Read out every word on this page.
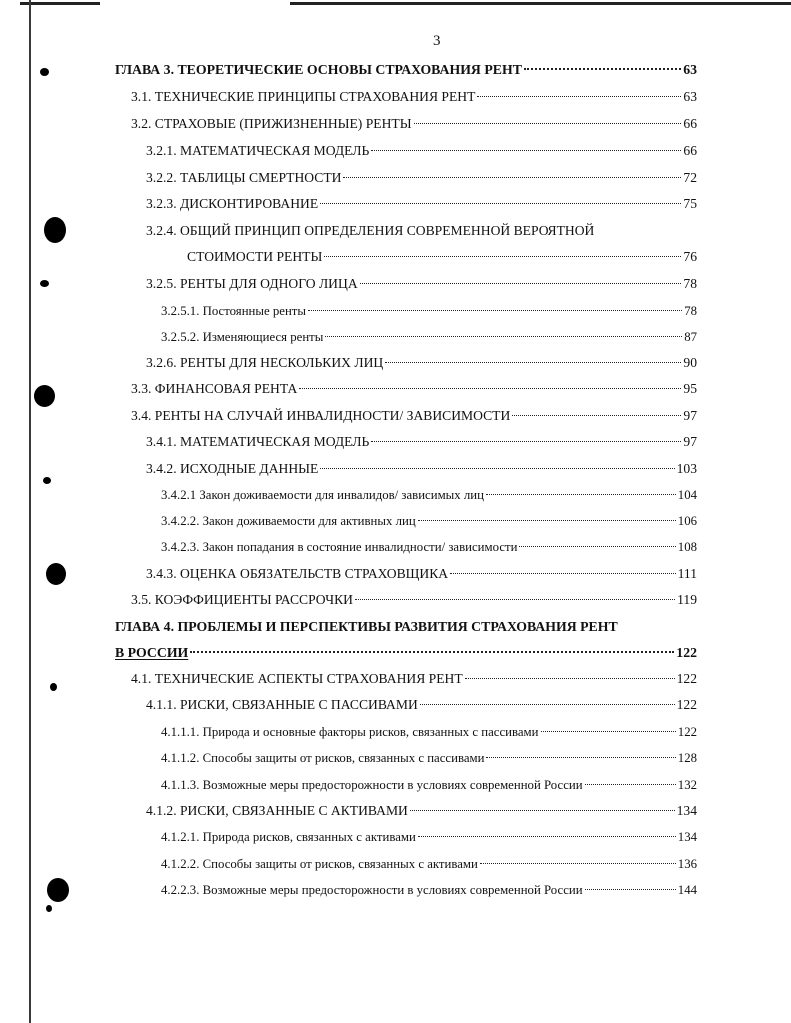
3
ГЛАВА 3. ТЕОРЕТИЧЕСКИЕ ОСНОВЫ СТРАХОВАНИЯ РЕНТ	63
3.1. ТЕХНИЧЕСКИЕ ПРИНЦИПЫ СТРАХОВАНИЯ РЕНТ	63
3.2. СТРАХОВЫЕ (ПРИЖИЗНЕННЫЕ) РЕНТЫ	66
3.2.1. МАТЕМАТИЧЕСКАЯ МОДЕЛЬ	66
3.2.2. ТАБЛИЦЫ СМЕРТНОСТИ	72
3.2.3. ДИСКОНТИРОВАНИЕ	75
3.2.4. ОБЩИЙ ПРИНЦИП ОПРЕДЕЛЕНИЯ СОВРЕМЕННОЙ ВЕРОЯТНОЙ
СТОИМОСТИ РЕНТЫ	76
3.2.5. РЕНТЫ ДЛЯ ОДНОГО ЛИЦА	78
3.2.5.1. Постоянные ренты	78
3.2.5.2. Изменяющиеся ренты	87
3.2.6. РЕНТЫ ДЛЯ НЕСКОЛЬКИХ ЛИЦ	90
3.3. ФИНАНСОВАЯ РЕНТА	95
3.4. РЕНТЫ НА СЛУЧАЙ ИНВАЛИДНОСТИ/ ЗАВИСИМОСТИ	97
3.4.1. МАТЕМАТИЧЕСКАЯ МОДЕЛЬ	97
3.4.2. ИСХОДНЫЕ ДАННЫЕ	103
3.4.2.1 Закон доживаемости для инвалидов/ зависимых лиц	104
3.4.2.2. Закон доживаемости для активных лиц	106
3.4.2.3. Закон попадания в состояние инвалидности/ зависимости	108
3.4.3. ОЦЕНКА ОБЯЗАТЕЛЬСТВ СТРАХОВЩИКА	111
3.5. КОЭФФИЦИЕНТЫ РАССРОЧКИ	119
ГЛАВА 4. ПРОБЛЕМЫ И ПЕРСПЕКТИВЫ РАЗВИТИЯ СТРАХОВАНИЯ РЕНТ
В РОССИИ	122
4.1. ТЕХНИЧЕСКИЕ АСПЕКТЫ СТРАХОВАНИЯ РЕНТ	122
4.1.1. РИСКИ, СВЯЗАННЫЕ С ПАССИВАМИ	122
4.1.1.1. Природа и основные факторы рисков, связанных с пассивами	122
4.1.1.2. Способы защиты от рисков, связанных с пассивами	128
4.1.1.3. Возможные меры предосторожности в условиях современной России	132
4.1.2. РИСКИ, СВЯЗАННЫЕ С АКТИВАМИ	134
4.1.2.1. Природа рисков, связанных с активами	134
4.1.2.2. Способы защиты от рисков, связанных с активами	136
4.2.2.3. Возможные меры предосторожности в условиях современной России	144
